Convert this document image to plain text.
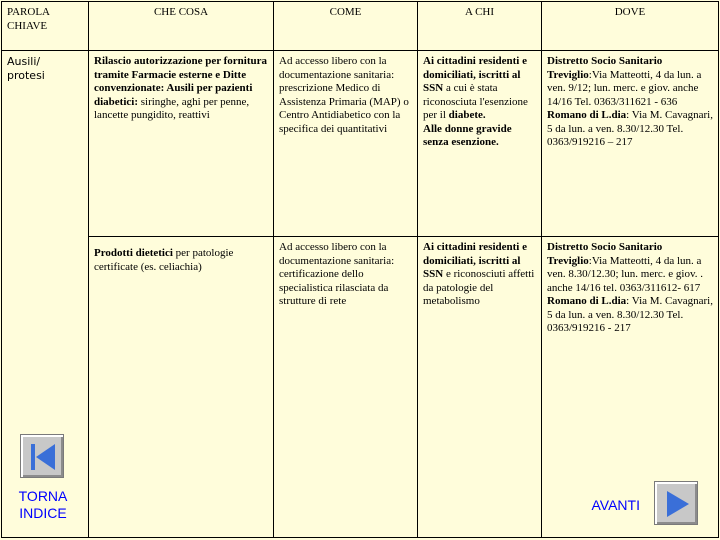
PAROLA
CHIAVE	CHE COSA	COME	A CHI	DOVE

Ausili/
protesi	Rilascio autorizzazione per fornitura tramite Farmacie esterne e Ditte convenzionate: Ausili per pazienti diabetici: siringhe, aghi per penne, lancette pungidito, reattivi	Ad accesso libero con la documentazione sanitaria: prescrizione Medico di Assistenza Primaria (MAP) o Centro Antidiabetico con la specifica dei quantitativi	Ai cittadini residenti e domiciliati, iscritti al SSN a cui è stata riconosciuta l'esenzione per il diabete.
Alle donne gravide senza esenzione.	Distretto Socio Sanitario Treviglio:Via Matteotti, 4 da lun. a ven. 9/12; lun. merc. e giov. anche 14/16 Tel. 0363/311621 - 636 Romano di L.dia: Via M. Cavagnari, 5 da lun. a ven. 8.30/12.30 Tel. 0363/919216 – 217
	Prodotti dietetici per patologie certificate (es. celiachia)	Ad accesso libero con la documentazione sanitaria: certificazione dello specialistica rilasciata da strutture di rete	Ai cittadini residenti e domiciliati, iscritti al SSN e riconosciuti affetti da patologie del metabolismo	Distretto Socio Sanitario Treviglio:Via Matteotti, 4 da lun. a ven. 8.30/12.30; lun. merc. e giov. . anche 14/16 tel. 0363/311612- 617 Romano di L.dia: Via M. Cavagnari, 5 da lun. a ven. 8.30/12.30 Tel. 0363/919216 - 217
TORNA
INDICE	AVANTI
